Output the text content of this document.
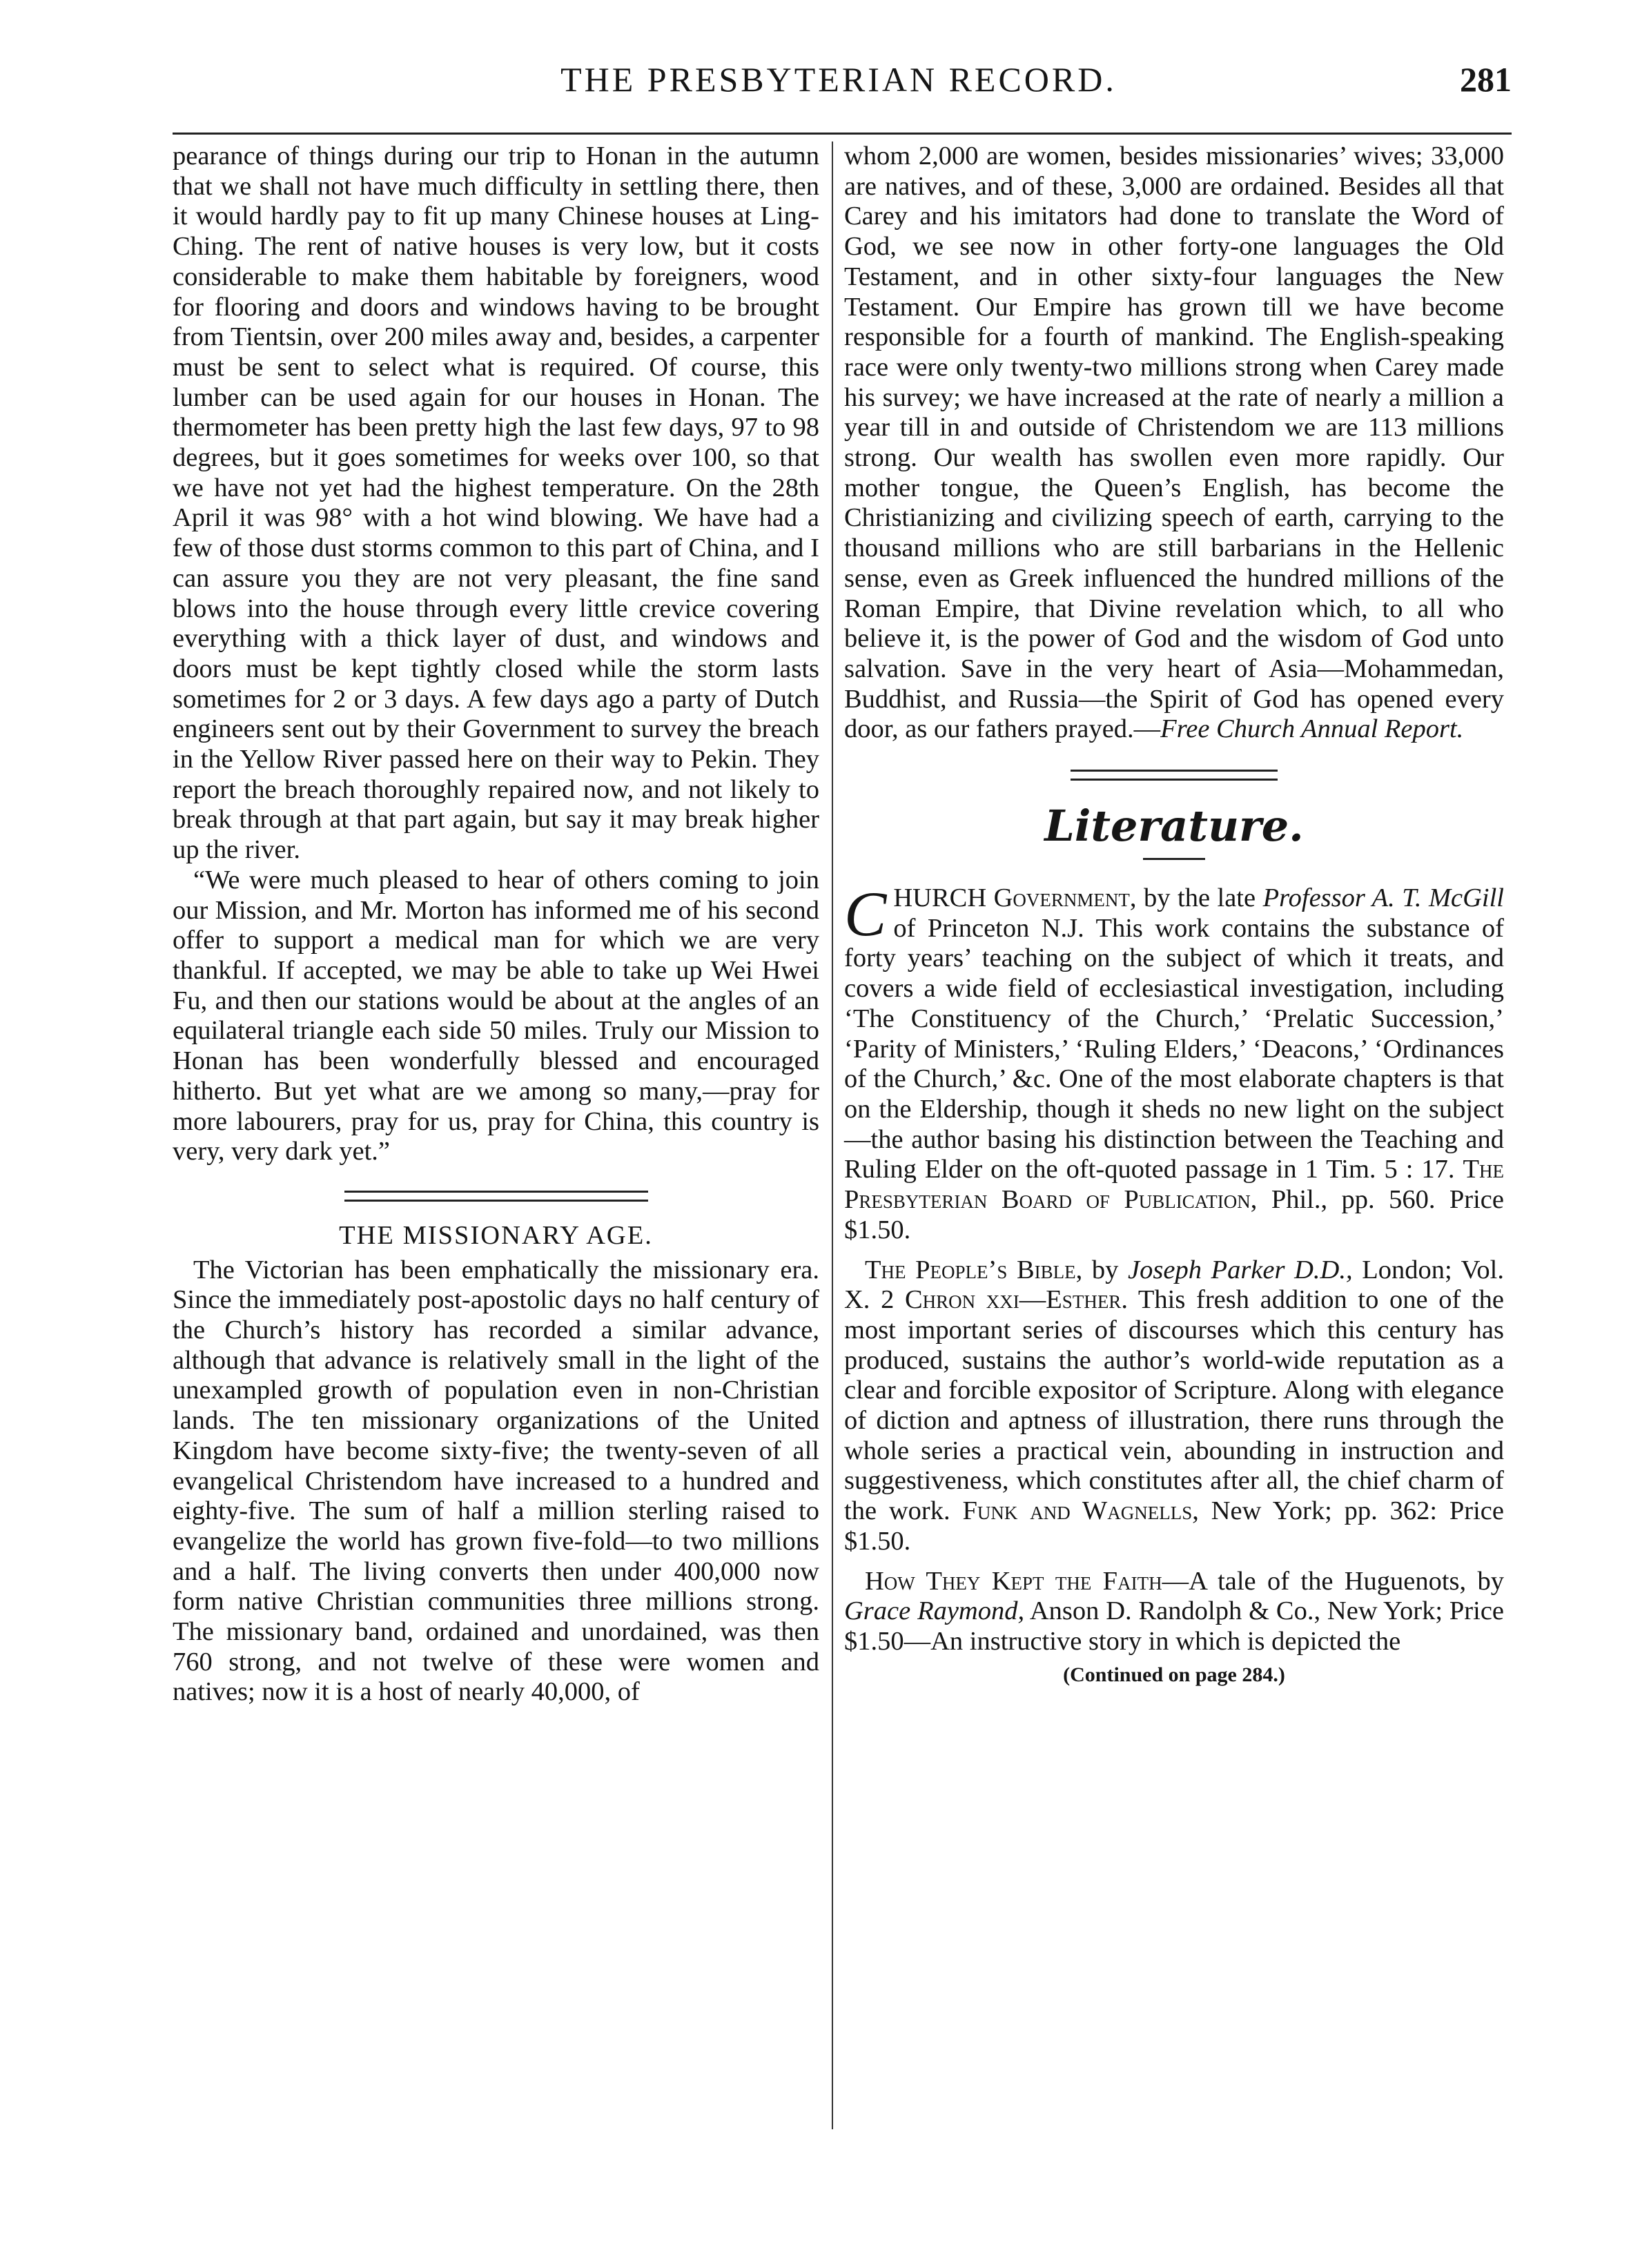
THE PRESBYTERIAN RECORD.	281

pearance of things during our trip to Honan in the autumn that we shall not have much difficulty in settling there, then it would hardly pay to fit up many Chinese houses at Ling-Ching. The rent of native houses is very low, but it costs considerable to make them habitable by foreigners, wood for flooring and doors and windows having to be brought from Tientsin, over 200 miles away and, besides, a carpenter must be sent to select what is required. Of course, this lumber can be used again for our houses in Honan. The thermometer has been pretty high the last few days, 97 to 98 degrees, but it goes sometimes for weeks over 100, so that we have not yet had the highest temperature. On the 28th April it was 98° with a hot wind blowing. We have had a few of those dust storms common to this part of China, and I can assure you they are not very pleasant, the fine sand blows into the house through every little crevice covering everything with a thick layer of dust, and windows and doors must be kept tightly closed while the storm lasts sometimes for 2 or 3 days. A few days ago a party of Dutch engineers sent out by their Government to survey the breach in the Yellow River passed here on their way to Pekin. They report the breach thoroughly repaired now, and not likely to break through at that part again, but say it may break higher up the river.

“We were much pleased to hear of others coming to join our Mission, and Mr. Morton has informed me of his second offer to support a medical man for which we are very thankful. If accepted, we may be able to take up Wei Hwei Fu, and then our stations would be about at the angles of an equilateral triangle each side 50 miles. Truly our Mission to Honan has been wonderfully blessed and encouraged hitherto. But yet what are we among so many,—pray for more labourers, pray for us, pray for China, this country is very, very dark yet.”

THE MISSIONARY AGE.

The Victorian has been emphatically the missionary era. Since the immediately post-apostolic days no half century of the Church’s history has recorded a similar advance, although that advance is relatively small in the light of the unexampled growth of population even in non-Christian lands. The ten missionary organizations of the United Kingdom have become sixty-five; the twenty-seven of all evangelical Christendom have increased to a hundred and eighty-five. The sum of half a million sterling raised to evangelize the world has grown five-fold—to two millions and a half. The living converts then under 400,000 now form native Christian communities three millions strong. The missionary band, ordained and unordained, was then 760 strong, and not twelve of these were women and natives; now it is a host of nearly 40,000, of

whom 2,000 are women, besides missionaries’ wives; 33,000 are natives, and of these, 3,000 are ordained. Besides all that Carey and his imitators had done to translate the Word of God, we see now in other forty-one languages the Old Testament, and in other sixty-four languages the New Testament. Our Empire has grown till we have become responsible for a fourth of mankind. The English-speaking race were only twenty-two millions strong when Carey made his survey; we have increased at the rate of nearly a million a year till in and outside of Christendom we are 113 millions strong. Our wealth has swollen even more rapidly. Our mother tongue, the Queen’s English, has become the Christianizing and civilizing speech of earth, carrying to the thousand millions who are still barbarians in the Hellenic sense, even as Greek influenced the hundred millions of the Roman Empire, that Divine revelation which, to all who believe it, is the power of God and the wisdom of God unto salvation. Save in the very heart of Asia—Mohammedan, Buddhist, and Russia—the Spirit of God has opened every door, as our fathers prayed.—Free Church Annual Report.

Literature.

CHURCH Government, by the late Professor A. T. McGill of Princeton N.J. This work contains the substance of forty years’ teaching on the subject of which it treats, and covers a wide field of ecclesiastical investigation, including ‘The Constituency of the Church,’ ‘Prelatic Succession,’ ‘Parity of Ministers,’ ‘Ruling Elders,’ ‘Deacons,’ ‘Ordinances of the Church,’ &c. One of the most elaborate chapters is that on the Eldership, though it sheds no new light on the subject—the author basing his distinction between the Teaching and Ruling Elder on the oft-quoted passage in 1 Tim. 5 : 17. The Presbyterian Board of Publication, Phil., pp. 560. Price $1.50.

The People’s Bible, by Joseph Parker D.D., London; Vol. X. 2 Chron xxi—Esther. This fresh addition to one of the most important series of discourses which this century has produced, sustains the author’s world-wide reputation as a clear and forcible expositor of Scripture. Along with elegance of diction and aptness of illustration, there runs through the whole series a practical vein, abounding in instruction and suggestiveness, which constitutes after all, the chief charm of the work. Funk and Wagnells, New York; pp. 362: Price $1.50.

How They Kept the Faith—A tale of the Huguenots, by Grace Raymond, Anson D. Randolph & Co., New York; Price $1.50—An instructive story in which is depicted the

(Continued on page 284.)
